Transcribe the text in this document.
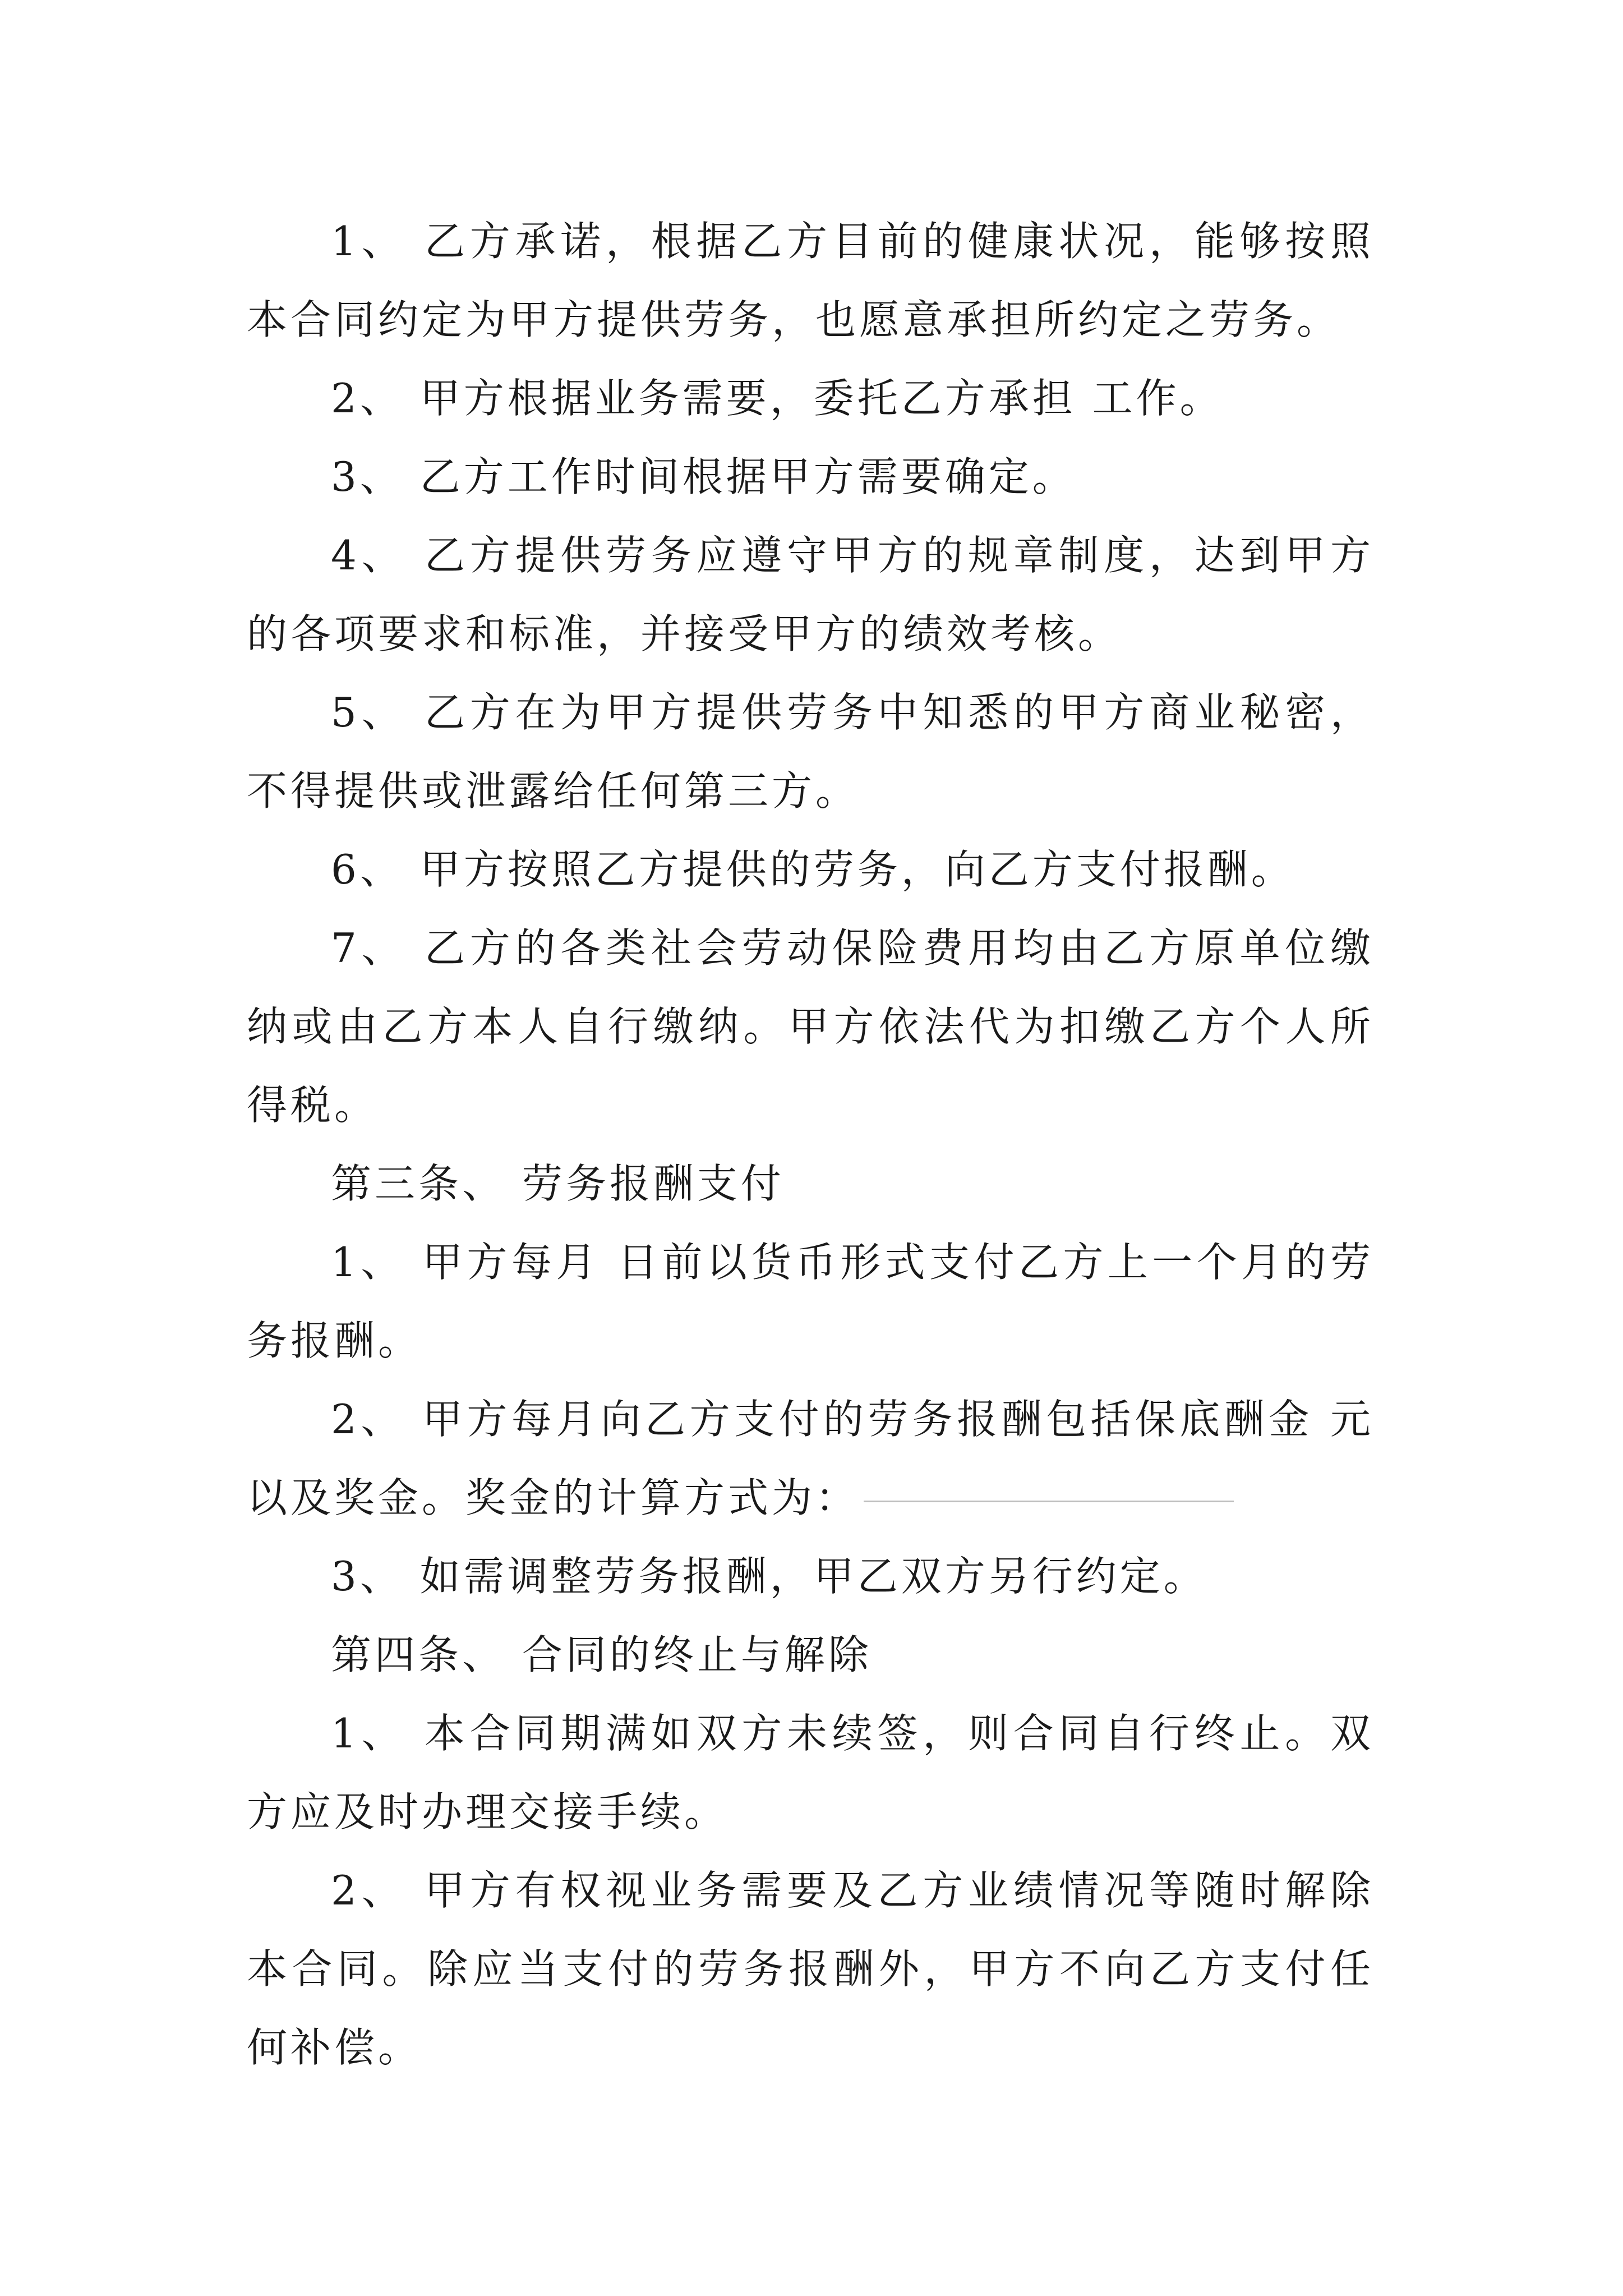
1、 乙方承诺，根据乙方目前的健康状况，能够按照本合同约定为甲方提供劳务，也愿意承担所约定之劳务。

2、 甲方根据业务需要，委托乙方承担 工作。

3、 乙方工作时间根据甲方需要确定。

4、 乙方提供劳务应遵守甲方的规章制度，达到甲方的各项要求和标准，并接受甲方的绩效考核。

5、 乙方在为甲方提供劳务中知悉的甲方商业秘密，不得提供或泄露给任何第三方。

6、 甲方按照乙方提供的劳务，向乙方支付报酬。

7、 乙方的各类社会劳动保险费用均由乙方原单位缴纳或由乙方本人自行缴纳。甲方依法代为扣缴乙方个人所得税。

第三条、 劳务报酬支付

1、 甲方每月 日前以货币形式支付乙方上一个月的劳务报酬。

2、 甲方每月向乙方支付的劳务报酬包括保底酬金 元以及奖金。奖金的计算方式为：

3、 如需调整劳务报酬，甲乙双方另行约定。

第四条、 合同的终止与解除

1、 本合同期满如双方未续签，则合同自行终止。双方应及时办理交接手续。

2、 甲方有权视业务需要及乙方业绩情况等随时解除本合同。除应当支付的劳务报酬外，甲方不向乙方支付任何补偿。
